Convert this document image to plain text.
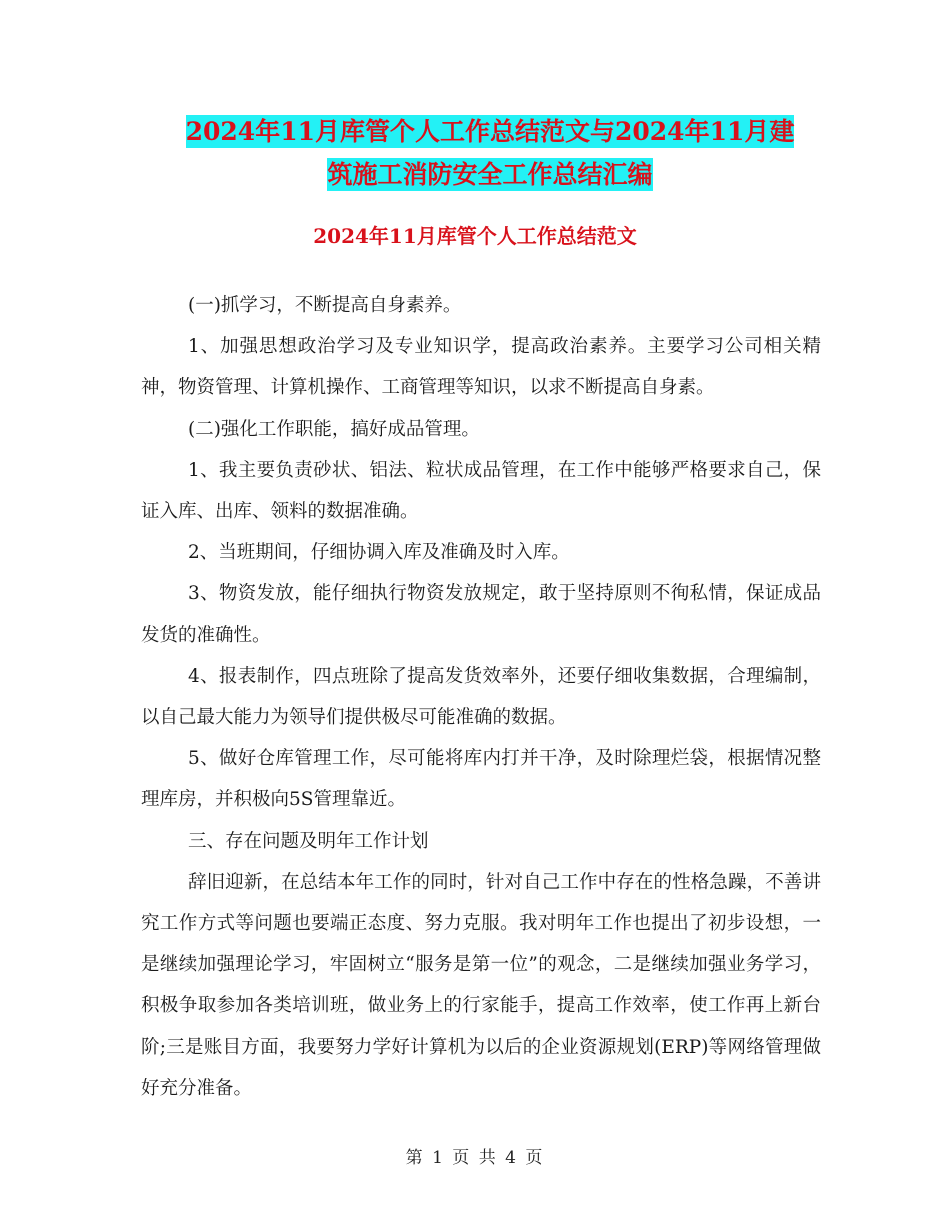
2024年11月库管个人工作总结范文与2024年11月建
筑施工消防安全工作总结汇编
2024年11月库管个人工作总结范文

(一)抓学习，不断提高自身素养。

1、加强思想政治学习及专业知识学，提高政治素养。主要学习公司相关精神，物资管理、计算机操作、工商管理等知识，以求不断提高自身素。

(二)强化工作职能，搞好成品管理。

1、我主要负责砂状、铝法、粒状成品管理，在工作中能够严格要求自己，保证入库、出库、领料的数据准确。

2、当班期间，仔细协调入库及准确及时入库。

3、物资发放，能仔细执行物资发放规定，敢于坚持原则不徇私情，保证成品发货的准确性。

4、报表制作，四点班除了提高发货效率外，还要仔细收集数据，合理编制，以自己最大能力为领导们提供极尽可能准确的数据。

5、做好仓库管理工作，尽可能将库内打并干净，及时除理烂袋，根据情况整理库房，并积极向5S管理靠近。

三、存在问题及明年工作计划

辞旧迎新，在总结本年工作的同时，针对自己工作中存在的性格急躁，不善讲究工作方式等问题也要端正态度、努力克服。我对明年工作也提出了初步设想，一是继续加强理论学习，牢固树立“服务是第一位”的观念，二是继续加强业务学习，积极争取参加各类培训班，做业务上的行家能手，提高工作效率，使工作再上新台阶;三是账目方面，我要努力学好计算机为以后的企业资源规划(ERP)等网络管理做好充分准备。

第 1 页 共 4 页
